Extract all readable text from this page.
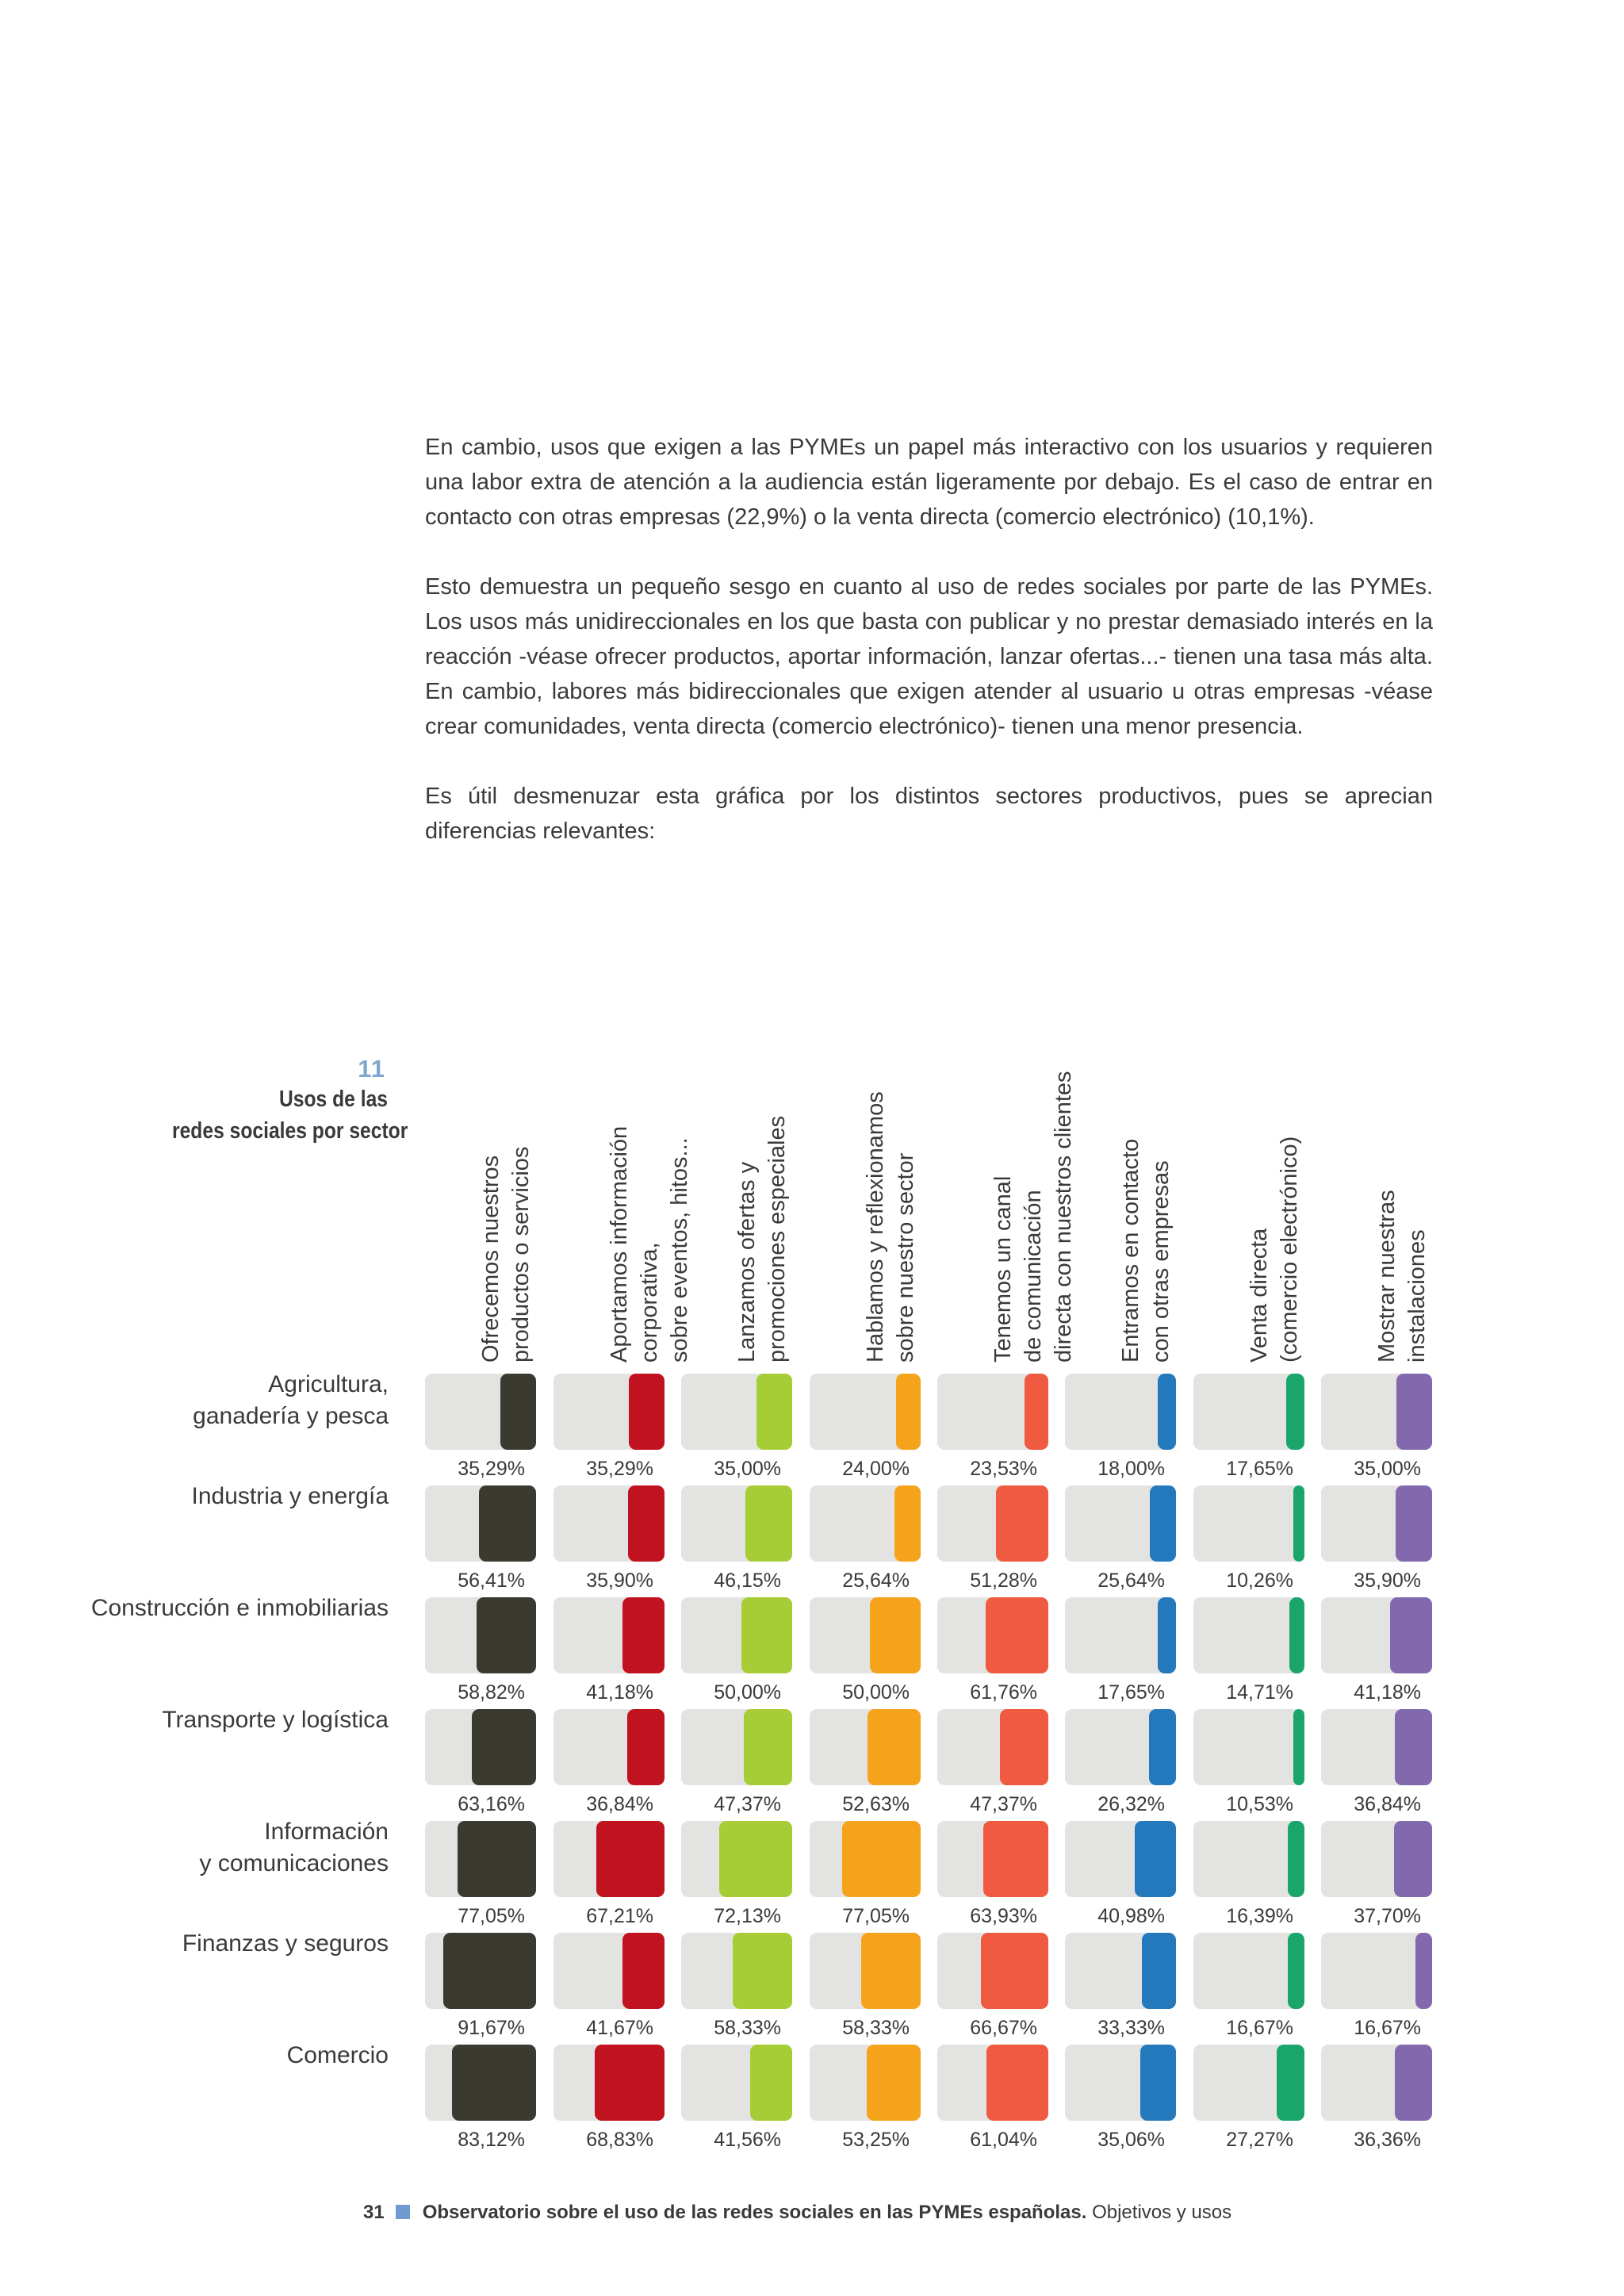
En cambio, usos que exigen a las PYMEs un papel más interactivo con los usuarios y requieren una labor extra de atención a la audiencia están ligeramente por debajo. Es el caso de entrar en contacto con otras empresas (22,9%) o la venta directa (comercio electrónico) (10,1%).

Esto demuestra un pequeño sesgo en cuanto al uso de redes sociales por parte de las PYMEs. Los usos más unidireccionales en los que basta con publicar y no prestar demasiado interés en la reacción -véase ofrecer productos, aportar información, lanzar ofertas...- tienen una tasa más alta. En cambio, labores más bidireccionales que exigen atender al usuario u otras empresas -véase crear comunidades, venta directa (comercio electrónico)- tienen una menor presencia.

Es útil desmenuzar esta gráfica por los distintos sectores productivos, pues se aprecian diferencias relevantes:

11
Usos de las
redes sociales por sector
Ofrecemos nuestros
productos o servicios
Aportamos información
corporativa,
sobre eventos, hitos...
Lanzamos ofertas y
promociones especiales
Hablamos y reflexionamos
sobre nuestro sector
Tenemos un canal
de comunicación
directa con nuestros clientes
Entramos en contacto
con otras empresas
Venta directa
(comercio electrónico)
Mostrar nuestras
instalaciones
Agricultura,
ganadería y pesca
35,29%	35,29%	35,00%	24,00%	23,53%	18,00%	17,65%	35,00%
Industria y energía
56,41%	35,90%	46,15%	25,64%	51,28%	25,64%	10,26%	35,90%
Construcción e inmobiliarias
58,82%	41,18%	50,00%	50,00%	61,76%	17,65%	14,71%	41,18%
Transporte y logística
63,16%	36,84%	47,37%	52,63%	47,37%	26,32%	10,53%	36,84%
Información
y comunicaciones
77,05%	67,21%	72,13%	77,05%	63,93%	40,98%	16,39%	37,70%
Finanzas y seguros
91,67%	41,67%	58,33%	58,33%	66,67%	33,33%	16,67%	16,67%
Comercio
83,12%	68,83%	41,56%	53,25%	61,04%	35,06%	27,27%	36,36%
31 Observatorio sobre el uso de las redes sociales en las PYMEs españolas. Objetivos y usos
